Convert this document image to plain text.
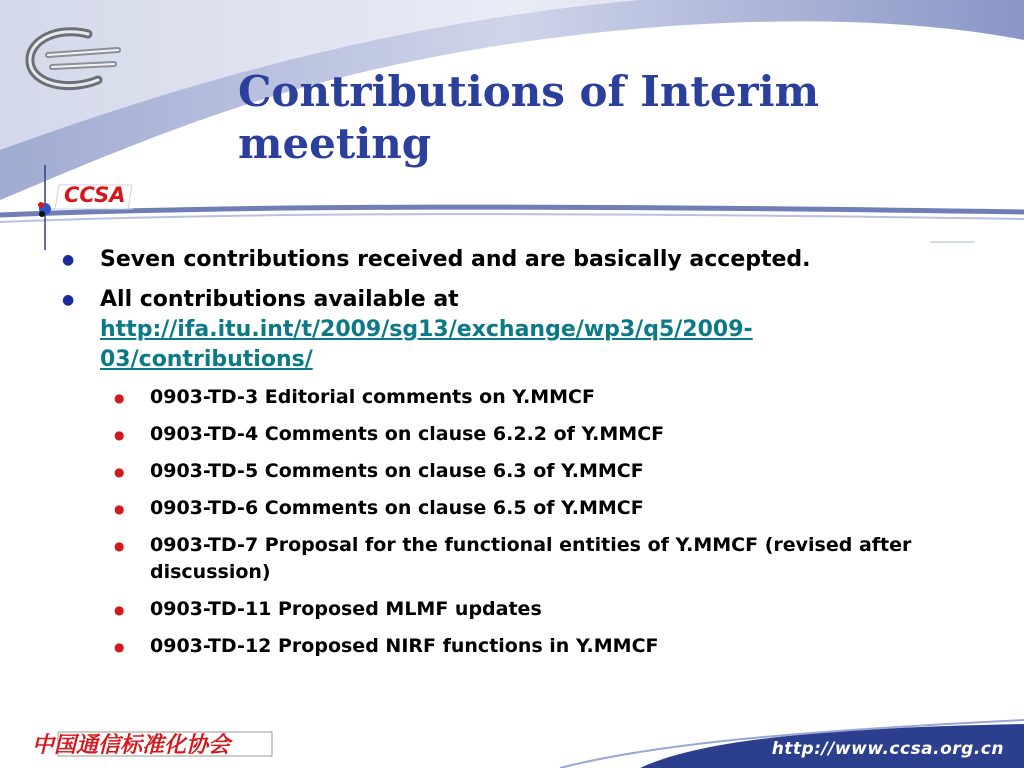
Contributions of Interim meeting
CCSA
● Seven contributions received and are basically accepted.
● All contributions available at
http://ifa.itu.int/t/2009/sg13/exchange/wp3/q5/2009-03/contributions/
● 0903-TD-3 Editorial comments on Y.MMCF
● 0903-TD-4 Comments on clause 6.2.2 of Y.MMCF
● 0903-TD-5 Comments on clause 6.3 of Y.MMCF
● 0903-TD-6 Comments on clause 6.5 of Y.MMCF
● 0903-TD-7 Proposal for the functional entities of Y.MMCF (revised after discussion)
● 0903-TD-11 Proposed MLMF updates
● 0903-TD-12 Proposed NIRF functions in Y.MMCF
中国通信标准化协会	http://www.ccsa.org.cn
